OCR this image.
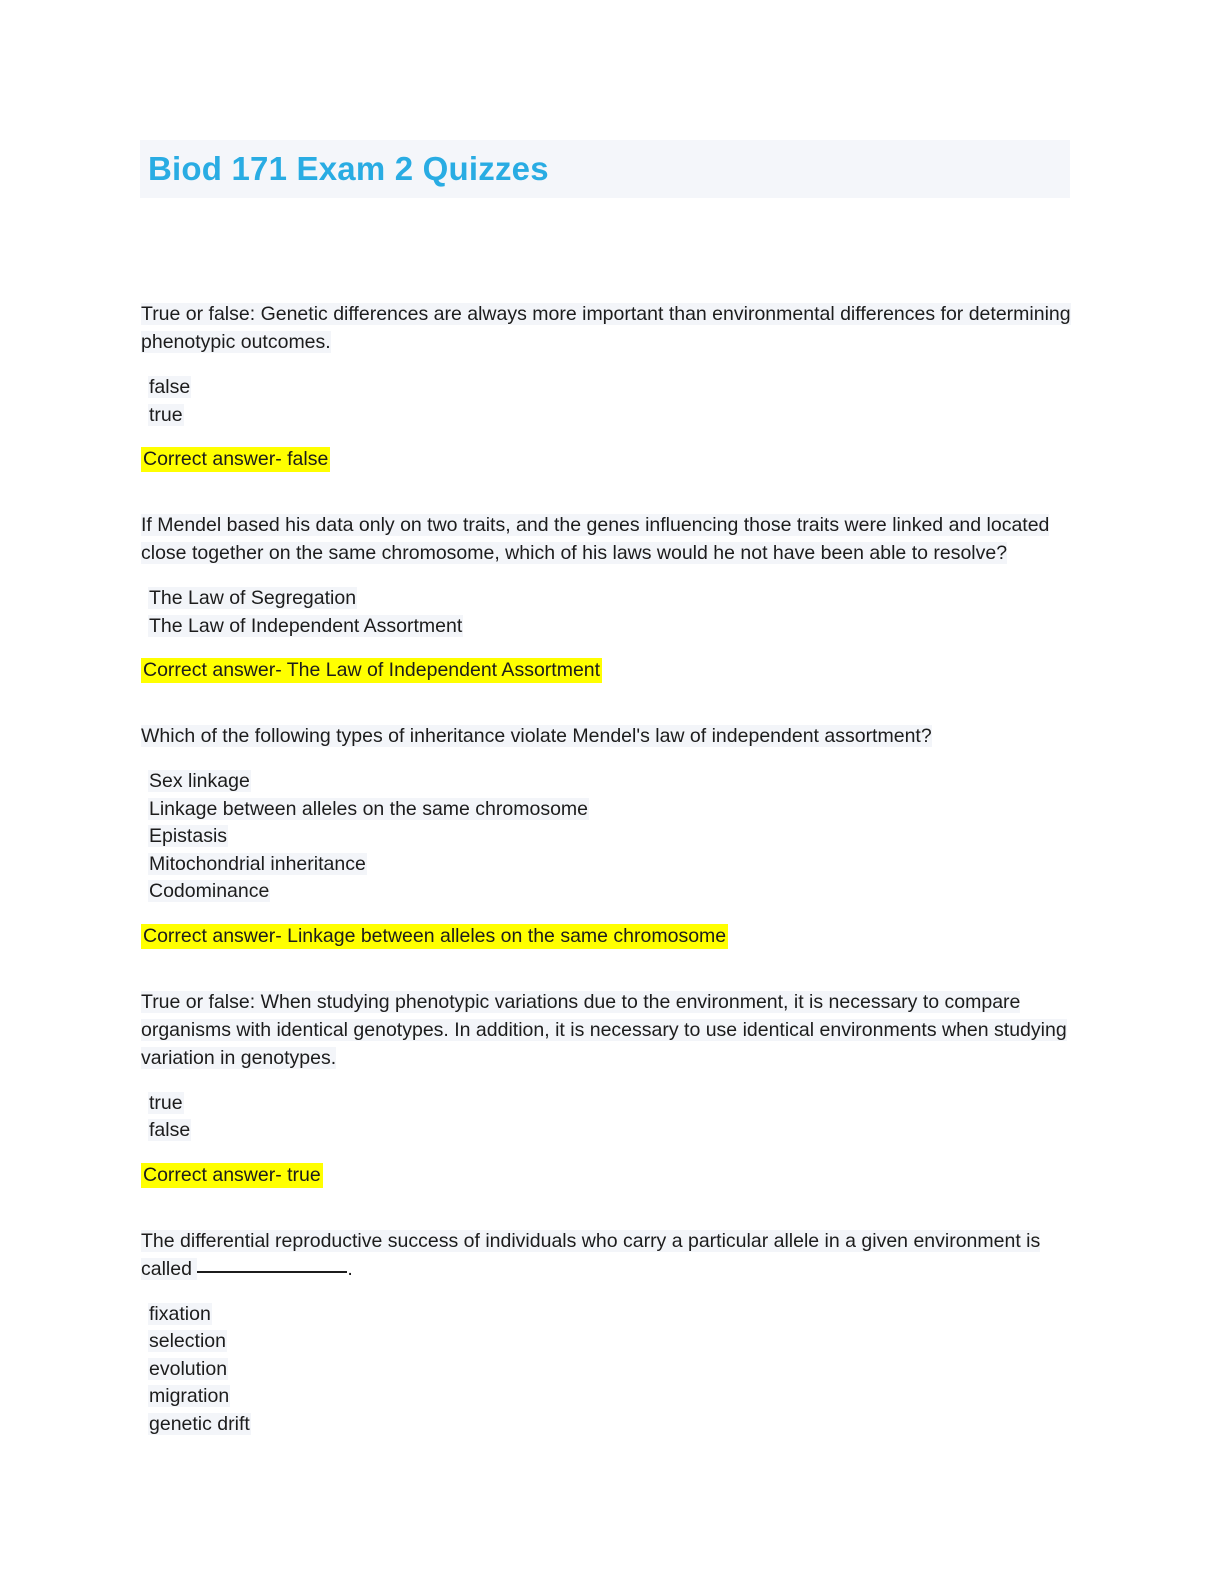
Biod 171 Exam 2 Quizzes

True or false: Genetic differences are always more important than environmental differences for determining phenotypic outcomes.

false
true

Correct answer- false

If Mendel based his data only on two traits, and the genes influencing those traits were linked and located close together on the same chromosome, which of his laws would he not have been able to resolve?

The Law of Segregation
The Law of Independent Assortment

Correct answer- The Law of Independent Assortment

Which of the following types of inheritance violate Mendel's law of independent assortment?

Sex linkage
Linkage between alleles on the same chromosome
Epistasis
Mitochondrial inheritance
Codominance

Correct answer- Linkage between alleles on the same chromosome

True or false: When studying phenotypic variations due to the environment, it is necessary to compare organisms with identical genotypes. In addition, it is necessary to use identical environments when studying variation in genotypes.

true
false

Correct answer- true

The differential reproductive success of individuals who carry a particular allele in a given environment is called	.

fixation
selection
evolution
migration
genetic drift
